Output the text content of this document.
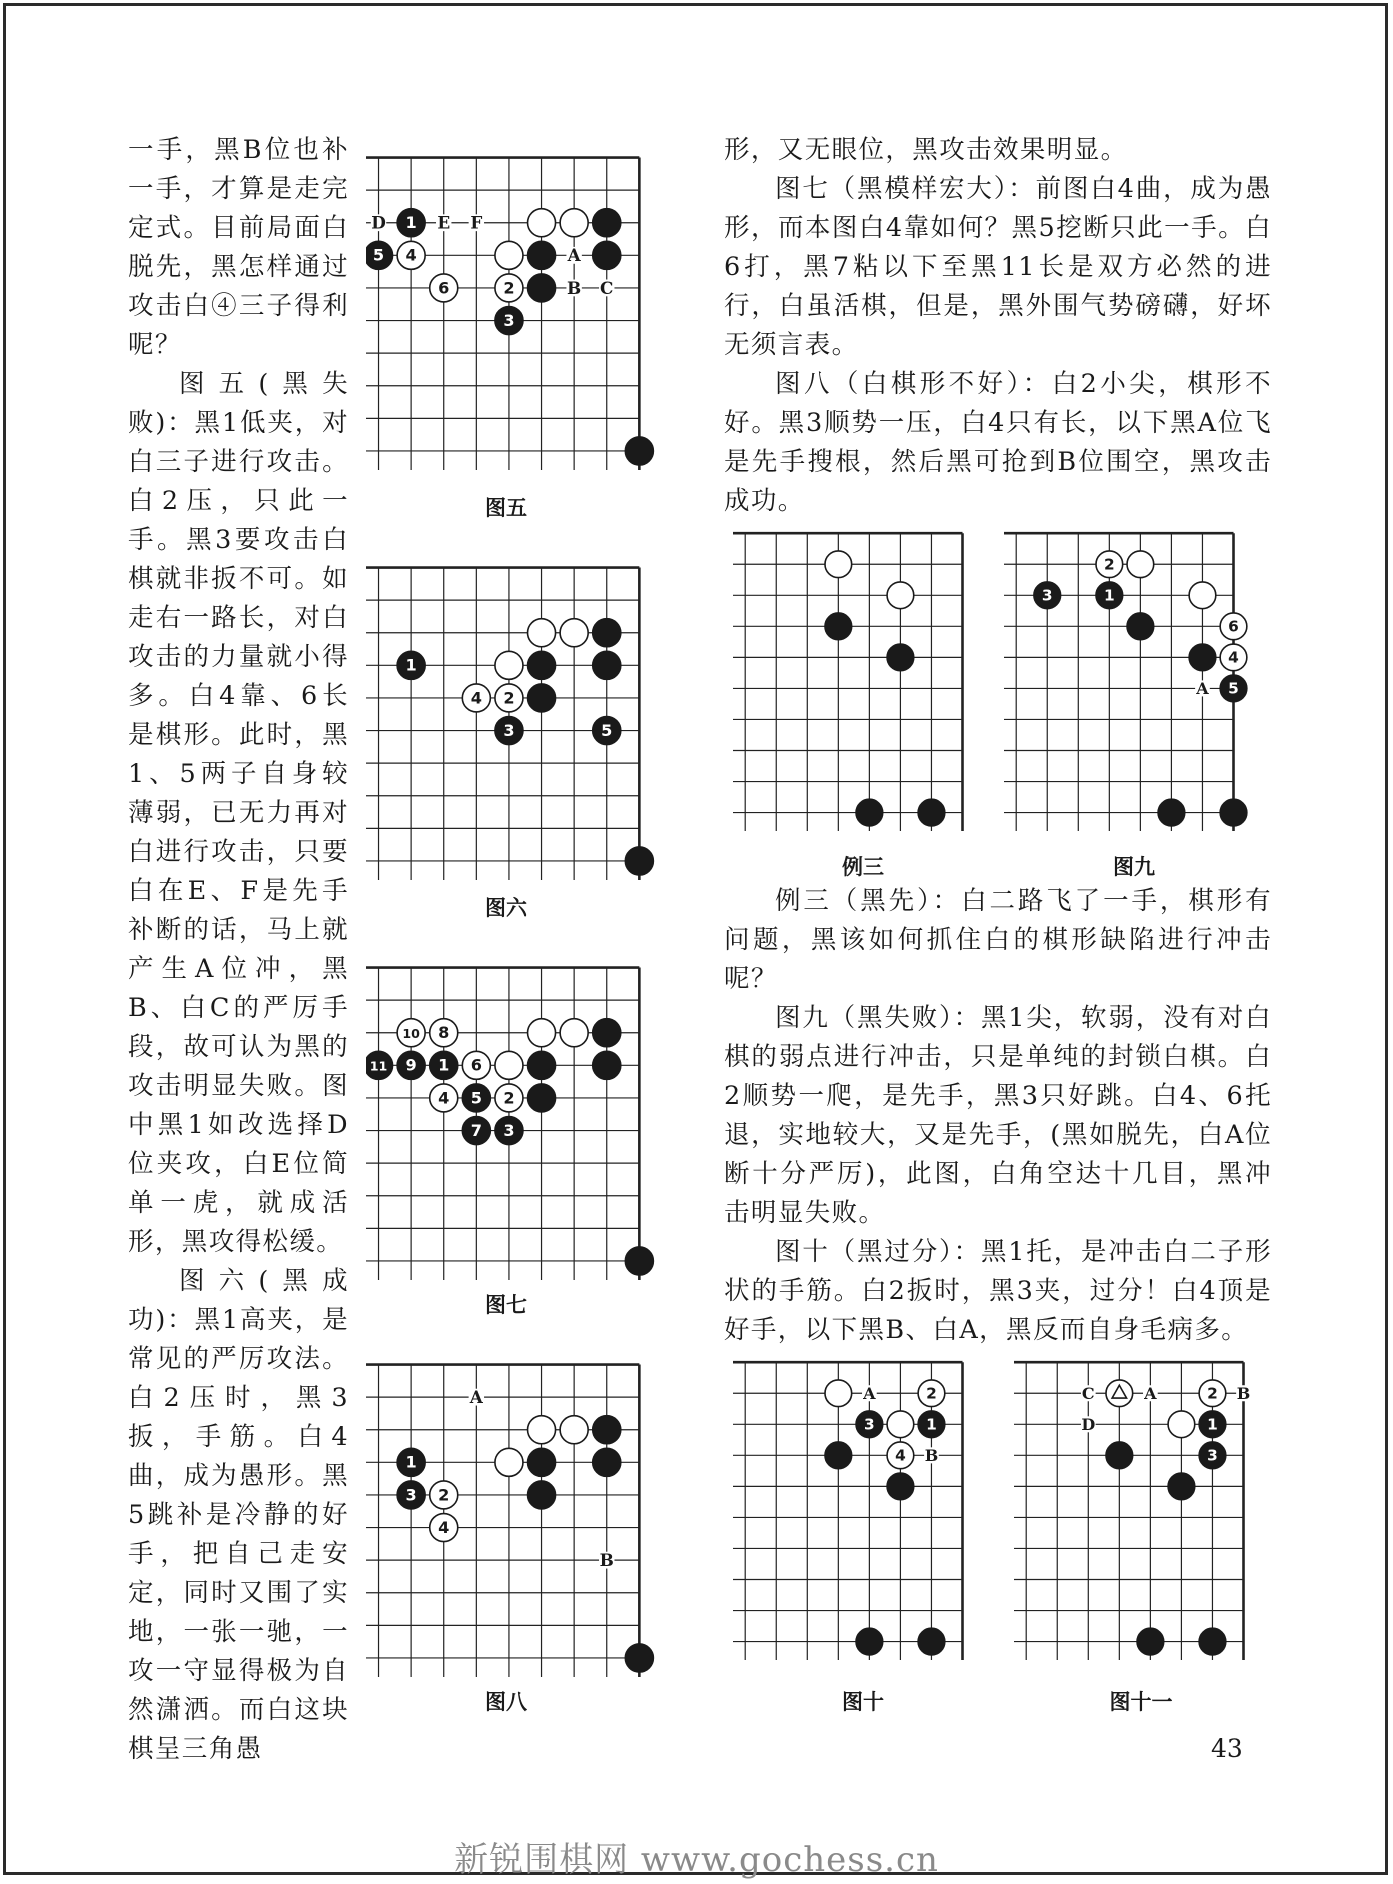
一手，黑B位也补一手，才算是走完定式。目前局面白脱先，黑怎样通过攻击白④三子得利呢？

图五(黑失败)：黑1低夹，对白三子进行攻击。白2压，只此一手。黑3要攻击白棋就非扳不可。如走右一路长，对白攻击的力量就小得多。白4靠、6长是棋形。此时，黑1、5两子自身较薄弱，已无力再对白进行攻击，只要白在E、F是先手补断的话，马上就产生A位冲，黑B、白C的严厉手段，故可认为黑的攻击明显失败。图中黑1如改选择D位夹攻，白E位简单一虎，就成活形，黑攻得松缓。

图六(黑成功)：黑1高夹，是常见的严厉攻法。白2压时，黑3扳，手筋。白4曲，成为愚形。黑5跳补是冷静的好手，把自己走安定，同时又围了实地，一张一驰，一攻一守显得极为自然潇洒。而白这块棋呈三角愚

形，又无眼位，黑攻击效果明显。

图七（黑模样宏大）：前图白4曲，成为愚形，而本图白4靠如何？黑5挖断只此一手。白6打，黑7粘以下至黑11长是双方必然的进行，白虽活棋，但是，黑外围气势磅礴，好坏无须言表。

图八（白棋形不好）：白2小尖，棋形不好。黑3顺势一压，白4只有长，以下黑A位飞是先手搜根，然后黑可抢到B位围空，黑攻击成功。

例三（黑先）：白二路飞了一手，棋形有问题，黑该如何抓住白的棋形缺陷进行冲击呢？

图九（黑失败）：黑1尖，软弱，没有对白棋的弱点进行冲击，只是单纯的封锁白棋。白2顺势一爬，是先手，黑3只好跳。白4、6托退，实地较大，又是先手，(黑如脱先，白A位断十分严厉)，此图，白角空达十几目，黑冲击明显失败。

图十（黑过分）：黑1托，是冲击白二子形状的手筋。白2扳时，黑3夹，过分！白4顶是好手，以下黑B、白A，黑反而自身毛病多。

2
6
1
5 4
3
D	E F
A
B C
图五
1
2
4
3	5
图六
10 8
11 9 1 6
4 5 2
7 3
图七
1
3 2
4
A
B
图八
例三
2
3	1
6
4
5
A
图九
2
3	1
4
A
B
图十
2
1
3
C	A	B
D
图十一
43
新锐围棋网 www.gochess.cn
